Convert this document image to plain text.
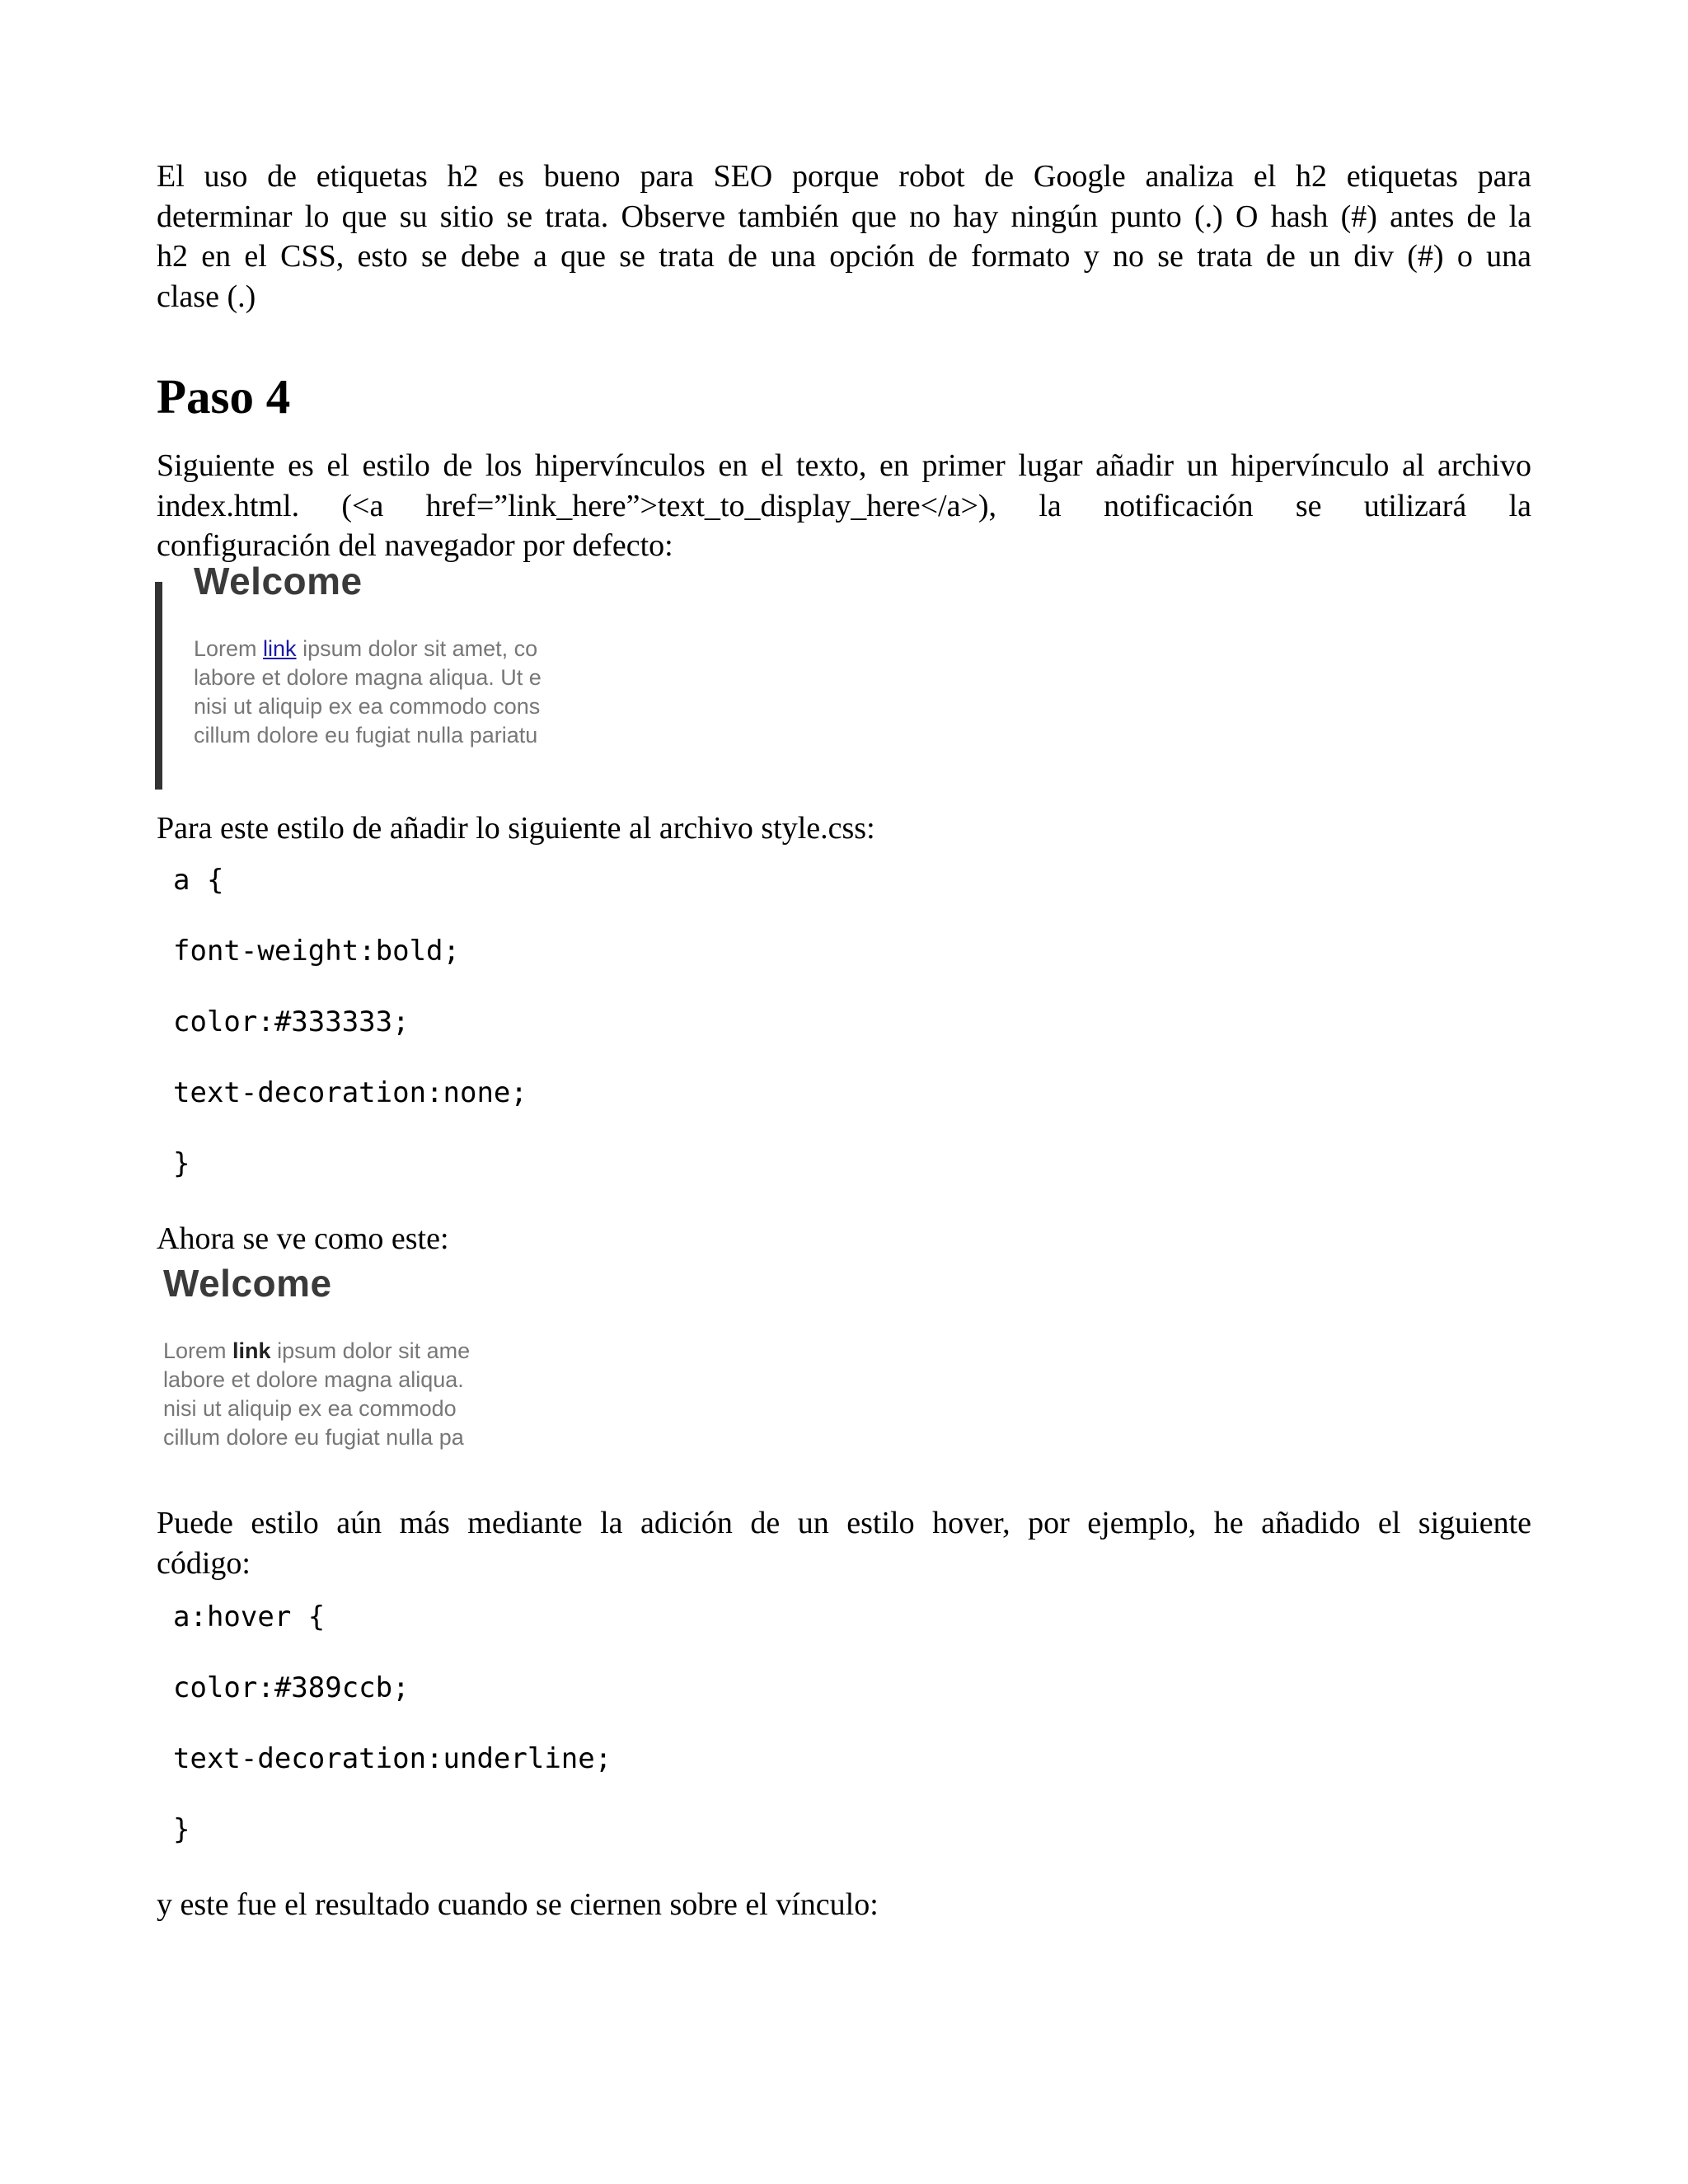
El uso de etiquetas h2 es bueno para SEO porque robot de Google analiza el h2 etiquetas para
determinar lo que su sitio se trata. Observe también que no hay ningún punto (.) O hash (#) antes de la
h2 en el CSS, esto se debe a que se trata de una opción de formato y no se trata de un div (#) o una
clase (.)
Paso 4
Siguiente es el estilo de los hipervínculos en el texto, en primer lugar añadir un hipervínculo al archivo
index.html. (<a href=”link_here”>text_to_display_here</a>), la notificación se utilizará la
configuración del navegador por defecto:
Welcome
Lorem link ipsum dolor sit amet, co
labore et dolore magna aliqua. Ut e
nisi ut aliquip ex ea commodo cons
cillum dolore eu fugiat nulla pariatu
Para este estilo de añadir lo siguiente al archivo style.css:
a {
font-weight:bold;
color:#333333;
text-decoration:none;
}
Ahora se ve como este:
Welcome
Lorem link ipsum dolor sit ame
labore et dolore magna aliqua.
nisi ut aliquip ex ea commodo
cillum dolore eu fugiat nulla pa
Puede estilo aún más mediante la adición de un estilo hover, por ejemplo, he añadido el siguiente
código:
a:hover {
color:#389ccb;
text-decoration:underline;
}
y este fue el resultado cuando se ciernen sobre el vínculo:
